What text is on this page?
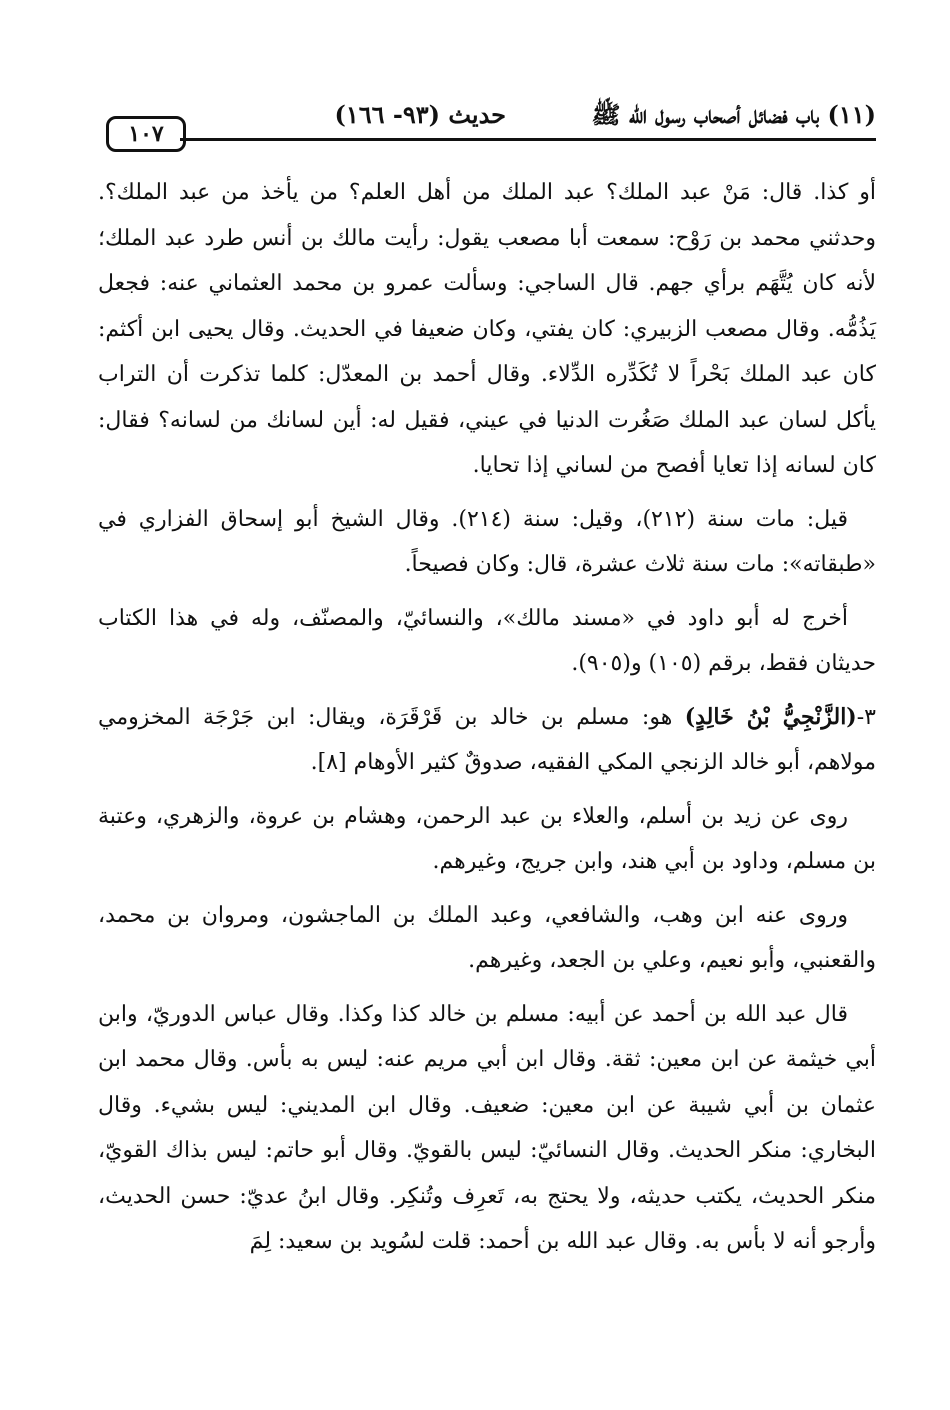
(١١) باب فضائل أصحاب رسول الله ﷺ
حديث (٩٣- ١٦٦)
١٠٧

أو كذا. قال: مَنْ عبد الملك؟ عبد الملك من أهل العلم؟ من يأخذ من عبد الملك؟. وحدثني محمد بن رَوْح: سمعت أبا مصعب يقول: رأيت مالك بن أنس طرد عبد الملك؛ لأنه كان يُتَّهَم برأي جهم. قال الساجي: وسألت عمرو بن محمد العثماني عنه: فجعل يَذُمُّه. وقال مصعب الزبيري: كان يفتي، وكان ضعيفا في الحديث. وقال يحيى ابن أكثم: كان عبد الملك بَحْراً لا تُكَدِّره الدِّلاء. وقال أحمد بن المعدّل: كلما تذكرت أن التراب يأكل لسان عبد الملك صَغُرت الدنيا في عيني، فقيل له: أين لسانك من لسانه؟ فقال: كان لسانه إذا تعايا أفصح من لساني إذا تحايا.

قيل: مات سنة (٢١٢)، وقيل: سنة (٢١٤). وقال الشيخ أبو إسحاق الفزاري في «طبقاته»: مات سنة ثلاث عشرة، قال: وكان فصيحاً.

أخرج له أبو داود في «مسند مالك»، والنسائيّ، والمصنّف، وله في هذا الكتاب حديثان فقط، برقم (١٠٥) و(٩٠٥).

٣-(الزَّنْجِيُّ بْنُ خَالِدٍ) هو: مسلم بن خالد بن قَرْقَرَة، ويقال: ابن جَرْجَة المخزومي مولاهم، أبو خالد الزنجي المكي الفقيه، صدوقٌ كثير الأوهام [٨].

روى عن زيد بن أسلم، والعلاء بن عبد الرحمن، وهشام بن عروة، والزهري، وعتبة بن مسلم، وداود بن أبي هند، وابن جريج، وغيرهم.

وروى عنه ابن وهب، والشافعي، وعبد الملك بن الماجشون، ومروان بن محمد، والقعنبي، وأبو نعيم، وعلي بن الجعد، وغيرهم.

قال عبد الله بن أحمد عن أبيه: مسلم بن خالد كذا وكذا. وقال عباس الدوريّ، وابن أبي خيثمة عن ابن معين: ثقة. وقال ابن أبي مريم عنه: ليس به بأس. وقال محمد ابن عثمان بن أبي شيبة عن ابن معين: ضعيف. وقال ابن المديني: ليس بشيء. وقال البخاري: منكر الحديث. وقال النسائيّ: ليس بالقويّ. وقال أبو حاتم: ليس بذاك القويّ، منكر الحديث، يكتب حديثه، ولا يحتج به، تَعرِف وتُنكِر. وقال ابنُ عديّ: حسن الحديث، وأرجو أنه لا بأس به. وقال عبد الله بن أحمد: قلت لسُويد بن سعيد: لِمَ
